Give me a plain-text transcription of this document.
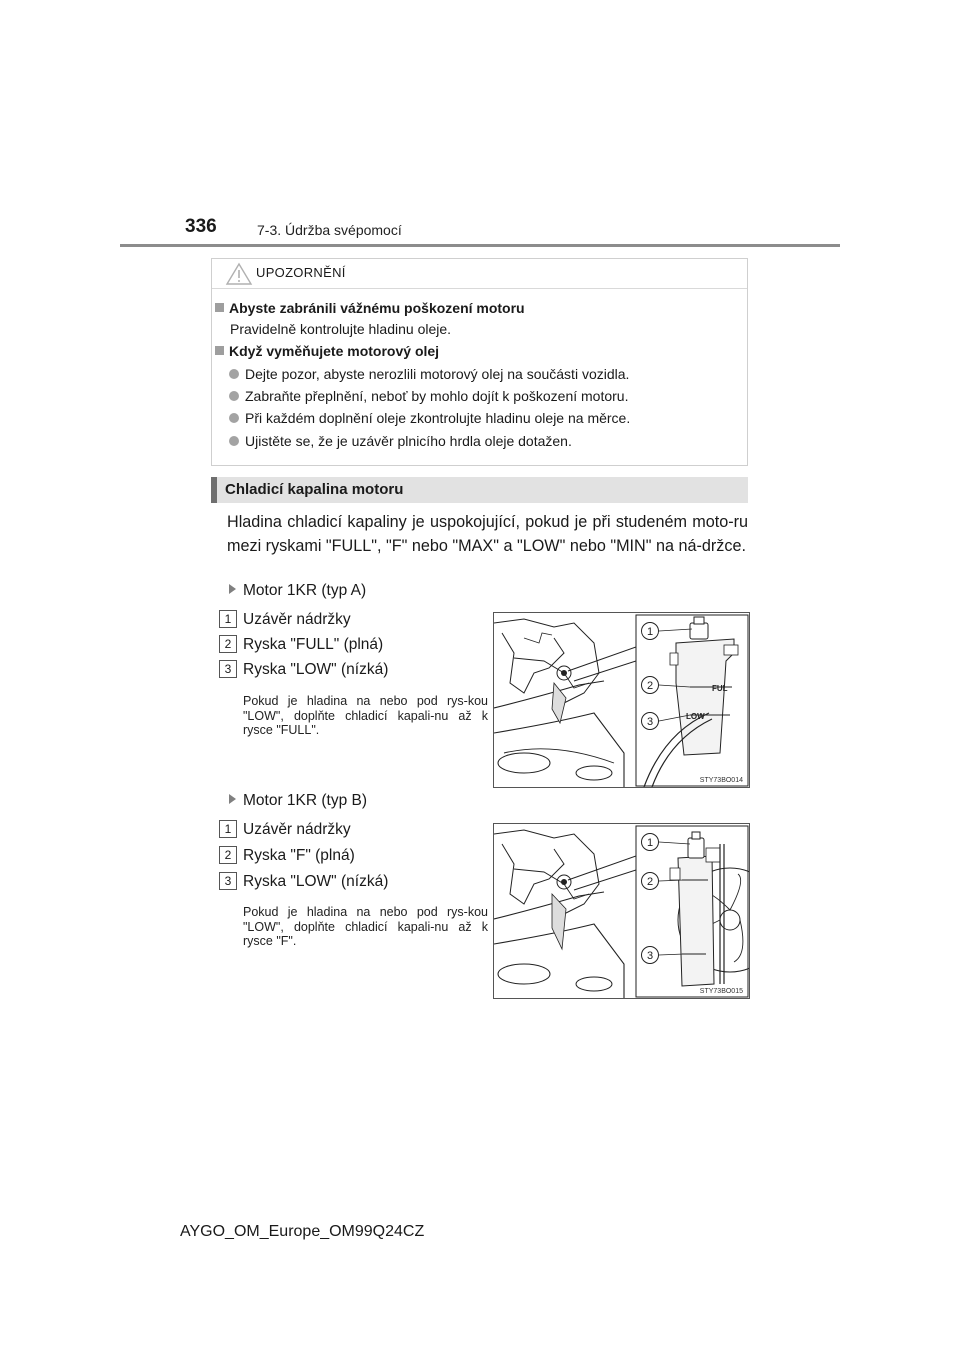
336	7-3. Údržba svépomocí
UPOZORNĚNÍ
Abyste zabránili vážnému poškození motoru
Pravidelně kontrolujte hladinu oleje.
Když vyměňujete motorový olej
Dejte pozor, abyste nerozlili motorový olej na součásti vozidla.
Zabraňte přeplnění, neboť by mohlo dojít k poškození motoru.
Při každém doplnění oleje zkontrolujte hladinu oleje na měrce.
Ujistěte se, že je uzávěr plnicího hrdla oleje dotažen.
Chladicí kapalina motoru
Hladina chladicí kapaliny je uspokojující, pokud je při studeném moto-ru mezi ryskami "FULL", "F" nebo "MAX" a "LOW" nebo "MIN" na ná-držce.
Motor 1KR (typ A)
1 Uzávěr nádržky
2 Ryska "FULL" (plná)
3 Ryska "LOW" (nízká)
Pokud je hladina na nebo pod rys-kou "LOW", doplňte chladicí kapali-nu až k rysce "FULL".
FUL
LOW
1
2
3
STY73BO014
Motor 1KR (typ B)
1 Uzávěr nádržky
2 Ryska "F" (plná)
3 Ryska "LOW" (nízká)
Pokud je hladina na nebo pod rys-kou "LOW", doplňte chladicí kapali-nu až k rysce "F".
1
2
3
STY73BO015
AYGO_OM_Europe_OM99Q24CZ
